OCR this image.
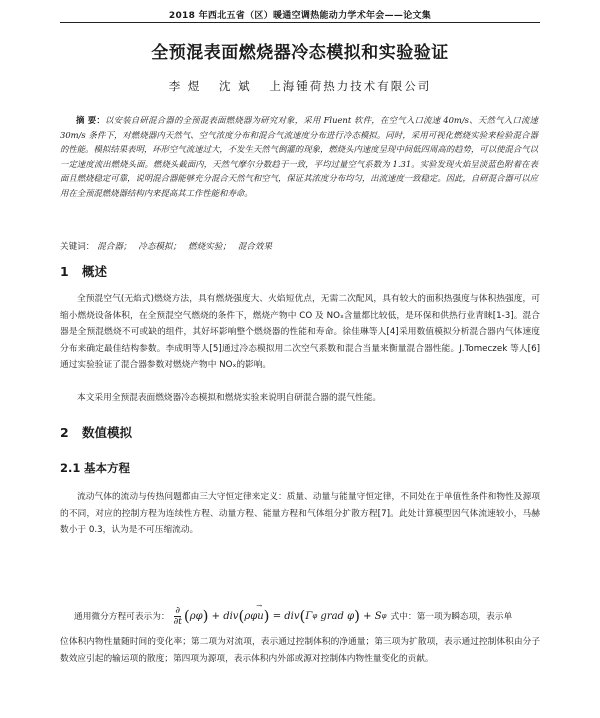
2018 年西北五省（区）暖通空调热能动力学术年会——论文集
全预混表面燃烧器冷态模拟和实验验证
李 煜 沈 斌 上海锺荷热力技术有限公司
摘 要：以安装自研混合器的全预混表面燃烧器为研究对象，采用 Fluent 软件，在空气入口流速 40m/s、天然气入口流速 30m/s 条件下，对燃烧器内天然气、空气浓度分布和混合气流速度分布进行冷态模拟。同时，采用可视化燃烧实验来检验混合器的性能。模拟结果表明，环形空气流速过大，不发生天然气倒灌的现象，燃烧头内速度呈现中间低四周高的趋势，可以使混合气以一定速度流出燃烧头面。燃烧头截面内，天然气摩尔分数趋于一致，平均过量空气系数为 1.31。实验发现火焰呈淡蓝色附着在表面且燃烧稳定可靠，说明混合器能够充分混合天然气和空气，保证其浓度分布均匀，出流速度一致稳定。因此，自研混合器可以应用在全预混燃烧器结构内来提高其工作性能和寿命。
关键词： 混合器； 冷态模拟； 燃烧实验； 混合效果
1 概述
全预混空气(无焰式)燃烧方法，具有燃烧强度大、火焰短优点，无需二次配风，具有较大的面积热强度与体积热强度，可缩小燃烧设备体积，在全预混空气燃烧的条件下，燃烧产物中 CO 及 NOₓ含量都比较低，是环保和供热行业青睐[1-3]。混合器是全预混燃烧不可或缺的组件，其好坏影响整个燃烧器的性能和寿命。徐佳琳等人[4]采用数值模拟分析混合器内气体速度分布来确定最佳结构参数。李成明等人[5]通过冷态模拟用二次空气系数和混合当量来衡量混合器性能。J.Tomeczek 等人[6]通过实验验证了混合器参数对燃烧产物中 NOₓ的影响。
本文采用全预混表面燃烧器冷态模拟和燃烧实验来说明自研混合器的混气性能。
2 数值模拟
2.1 基本方程
流动气体的流动与传热问题都由三大守恒定律来定义：质量、动量与能量守恒定律，不同处在于单值性条件和物性及源项的不同，对应的控制方程为连续性方程、动量方程、能量方程和气体组分扩散方程[7]。此处计算模型因气体流速较小，马赫数小于 0.3，认为是不可压缩流动。
通用微分方程可表示为： $\frac{\partial}{\partial t}$ ( ρφ ) + div ( ρφ
→ u ) = div ( Γ φ grad φ ) + S φ 式中：第一项为瞬态项，表示单
位体积内物性量随时间的变化率；第二项为对流项，表示通过控制体积的净通量；第三项为扩散项，表示通过控制体积由分子数效应引起的输运项的散度；第四项为源项，表示体积内外部或源对控制体内物性量变化的贡献。
